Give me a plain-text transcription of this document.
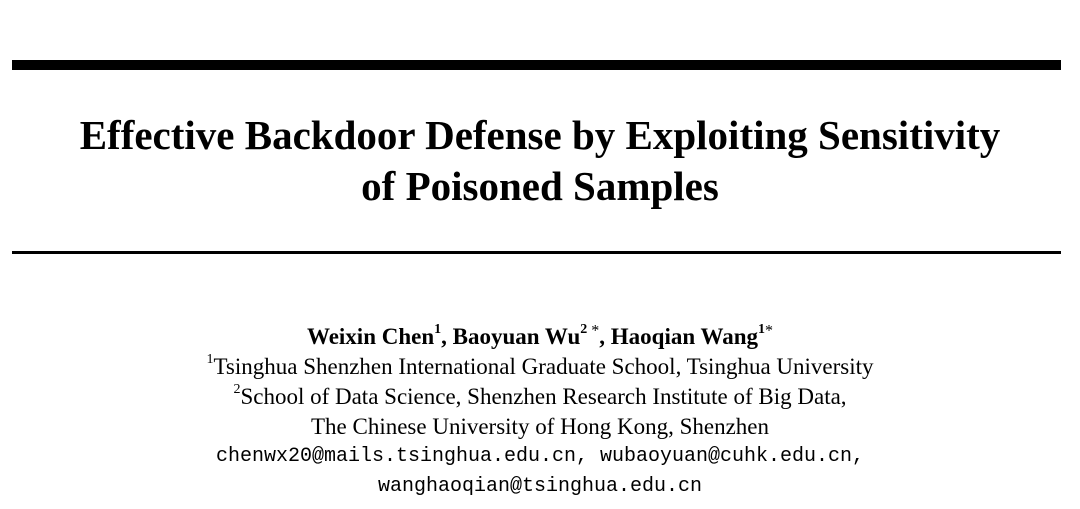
Effective Backdoor Defense by Exploiting Sensitivity
of Poisoned Samples
Weixin Chen$^1$, Baoyuan Wu$^2$ *, Haoqian Wang$^{1*}$
$^1$Tsinghua Shenzhen International Graduate School, Tsinghua University
$^2$School of Data Science, Shenzhen Research Institute of Big Data,
The Chinese University of Hong Kong, Shenzhen
chenwx20@mails.tsinghua.edu.cn, wubaoyuan@cuhk.edu.cn,
wanghaoqian@tsinghua.edu.cn
